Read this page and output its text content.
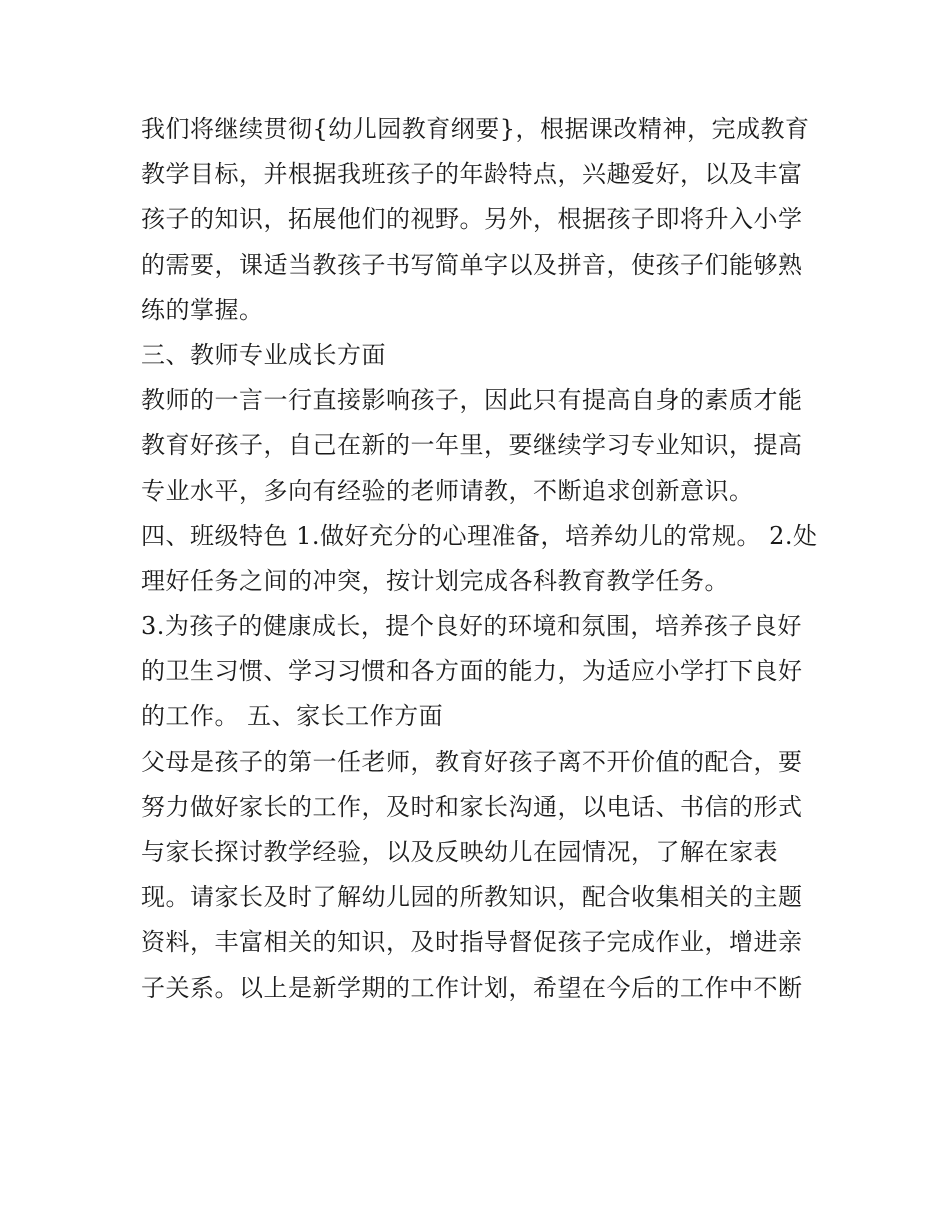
我们将继续贯彻{幼儿园教育纲要}，根据课改精神，完成教育
教学目标，并根据我班孩子的年龄特点，兴趣爱好，以及丰富
孩子的知识，拓展他们的视野。另外，根据孩子即将升入小学
的需要，课适当教孩子书写简单字以及拼音，使孩子们能够熟
练的掌握。
三、教师专业成长方面
教师的一言一行直接影响孩子，因此只有提高自身的素质才能
教育好孩子，自己在新的一年里，要继续学习专业知识，提高
专业水平，多向有经验的老师请教，不断追求创新意识。
四、班级特色 1.做好充分的心理准备，培养幼儿的常规。 2.处
理好任务之间的冲突，按计划完成各科教育教学任务。
3.为孩子的健康成长，提个良好的环境和氛围，培养孩子良好
的卫生习惯、学习习惯和各方面的能力，为适应小学打下良好
的工作。 五、家长工作方面
父母是孩子的第一任老师，教育好孩子离不开价值的配合，要
努力做好家长的工作，及时和家长沟通，以电话、书信的形式
与家长探讨教学经验，以及反映幼儿在园情况，了解在家表
现。请家长及时了解幼儿园的所教知识，配合收集相关的主题
资料，丰富相关的知识，及时指导督促孩子完成作业，增进亲
子关系。以上是新学期的工作计划，希望在今后的工作中不断
